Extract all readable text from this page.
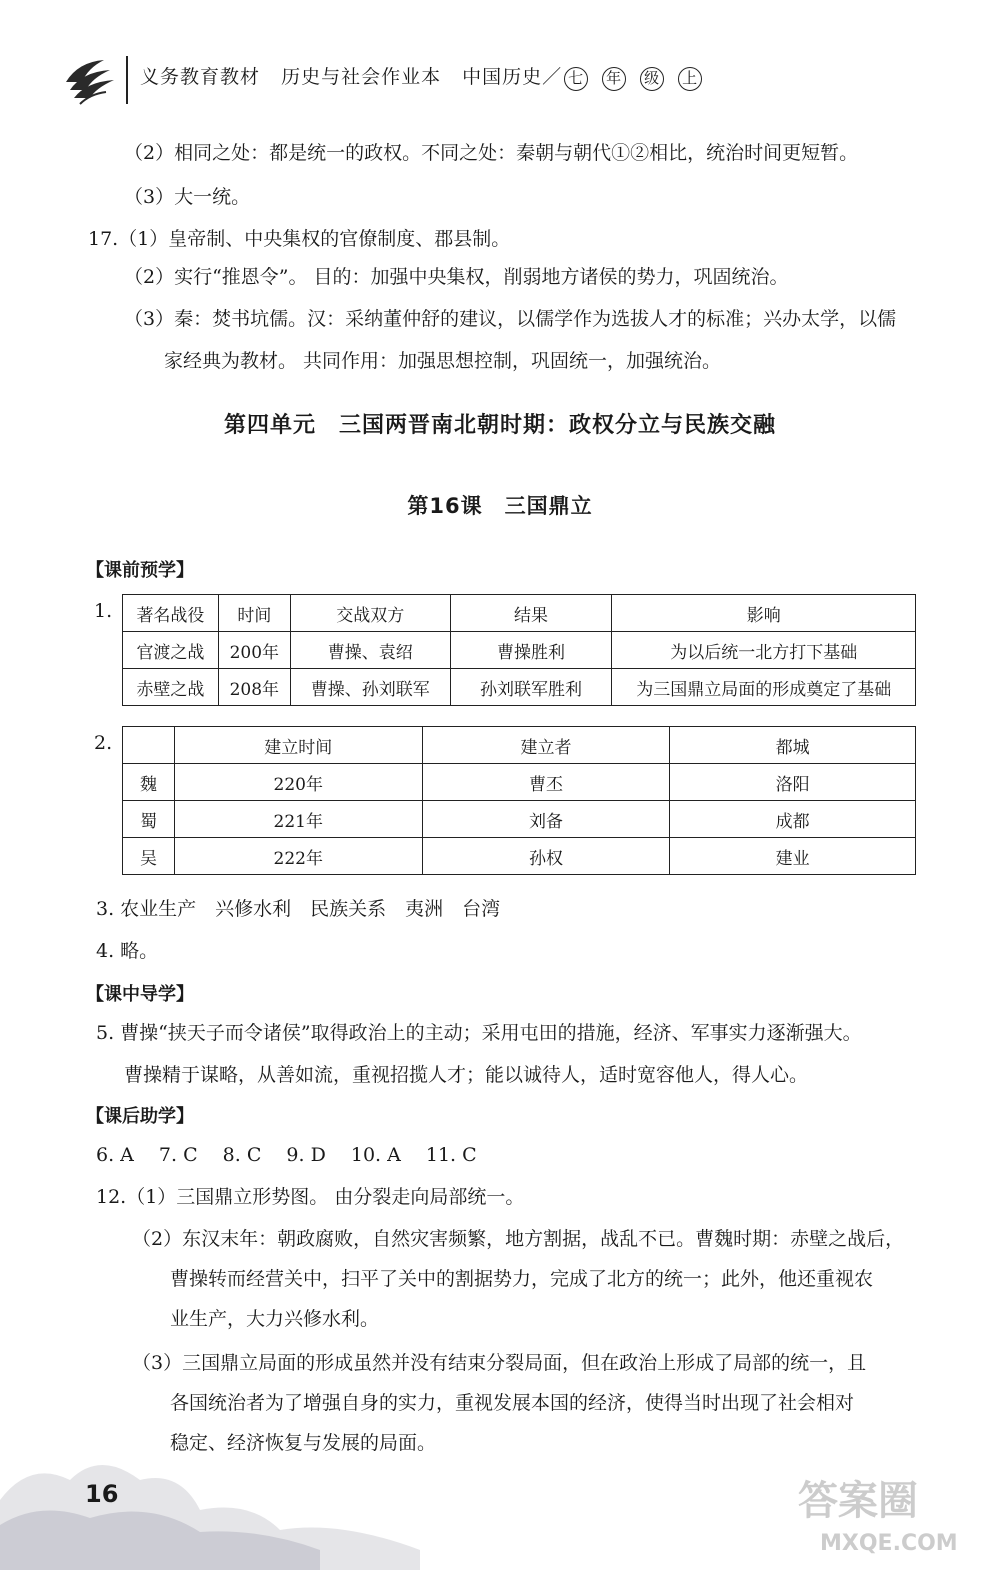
义务教育教材 历史与社会作业本 中国历史／ 七 年 级 上
（2）相同之处：都是统一的政权。不同之处：秦朝与朝代①②相比，统治时间更短暂。
（3）大一统。
17.（1）皇帝制、中央集权的官僚制度、郡县制。
（2）实行“推恩令”。 目的：加强中央集权，削弱地方诸侯的势力，巩固统治。
（3）秦：焚书坑儒。汉：采纳董仲舒的建议，以儒学作为选拔人才的标准；兴办太学，以儒
家经典为教材。 共同作用：加强思想控制，巩固统一，加强统治。
第四单元　三国两晋南北朝时期：政权分立与民族交融
第16课　三国鼎立
【课前预学】
1. 著名战役	时间	交战双方	结果	影响
官渡之战	200年	曹操、袁绍	曹操胜利	为以后统一北方打下基础
赤壁之战	208年	曹操、孙刘联军	孙刘联军胜利	为三国鼎立局面的形成奠定了基础
2.
		建立时间	建立者	都城
魏	220年	曹丕	洛阳
蜀	221年	刘备	成都
吴	222年	孙权	建业
3. 农业生产　兴修水利　民族关系　夷洲　台湾
4. 略。
【课中导学】
5. 曹操“挟天子而令诸侯”取得政治上的主动；采用屯田的措施，经济、军事实力逐渐强大。
曹操精于谋略，从善如流，重视招揽人才；能以诚待人，适时宽容他人，得人心。
【课后助学】
6. A　 7. C　 8. C　 9. D　 10. A　 11. C
12.（1）三国鼎立形势图。 由分裂走向局部统一。
（2）东汉末年：朝政腐败，自然灾害频繁，地方割据，战乱不已。曹魏时期：赤壁之战后，
曹操转而经营关中，扫平了关中的割据势力，完成了北方的统一；此外，他还重视农
业生产，大力兴修水利。
（3）三国鼎立局面的形成虽然并没有结束分裂局面，但在政治上形成了局部的统一，且
各国统治者为了增强自身的实力，重视发展本国的经济，使得当时出现了社会相对
稳定、经济恢复与发展的局面。
16	答案圈
MXQE.COM
